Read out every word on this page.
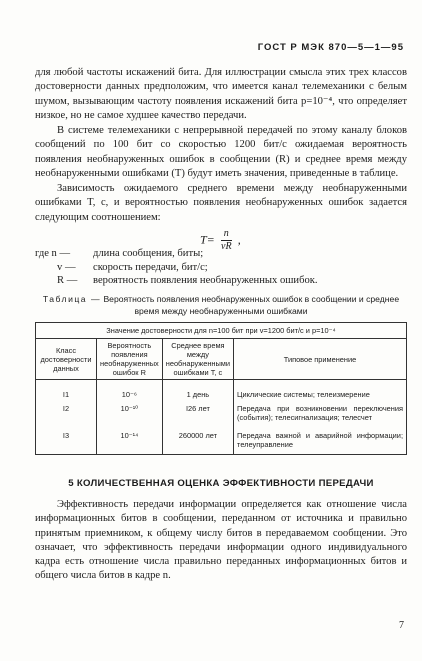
ГОСТ Р МЭК 870—5—1—95

для любой частоты искажений бита. Для иллюстрации смысла этих трех классов достоверности данных предположим, что имеется канал телемеханики с белым шумом, вызывающим частоту появления искажений бита p=10⁻⁴, что определяет низкое, но не самое худшее качество передачи.

В системе телемеханики с непрерывной передачей по этому каналу блоков сообщений по 100 бит со скоростью 1200 бит/с ожидаемая вероятность появления необнаруженных ошибок в сообщении (R) и среднее время между необнаруженными ошибками (T) будут иметь значения, приведенные в таблице.

Зависимость ожидаемого среднего времени между необнаруженными ошибками T, с, и вероятностью появления необнаруженных ошибок задается следующим соотношением:

$T= \frac{n}{vR}$ ,
где n —	длина сообщения, биты;
v —	скорость передачи, бит/с;
R —	вероятность появления необнаруженных ошибок.
Таблица — Вероятность появления необнаруженных ошибок в сообщении и среднее время между необнаруженными ошибками
Значение достоверности для n=100 бит при v=1200 бит/с и p=10⁻⁴			
Класс достоверности данных	Вероятность появления необнаруженных ошибок R	Среднее время между необнаруженными ошибками T, с	Типовое применение
I1	10⁻⁶	1 день	Циклические системы; телеизмерение
I2	10⁻¹⁰	I26 лет	Передача при возникновении переключения (события); телесигнализация; телесчет
I3	10⁻¹⁴	260000 лет	Передача важной и аварийной информации; телеуправление
5 КОЛИЧЕСТВЕННАЯ ОЦЕНКА ЭФФЕКТИВНОСТИ ПЕРЕДАЧИ

Эффективность передачи информации определяется как отношение числа информационных битов в сообщении, переданном от источника и правильно принятым приемником, к общему числу битов в передаваемом сообщении. Это означает, что эффективность передачи информации одного индивидуального кадра есть отношение числа правильно переданных информационных битов и общего числа битов в кадре n.

7
